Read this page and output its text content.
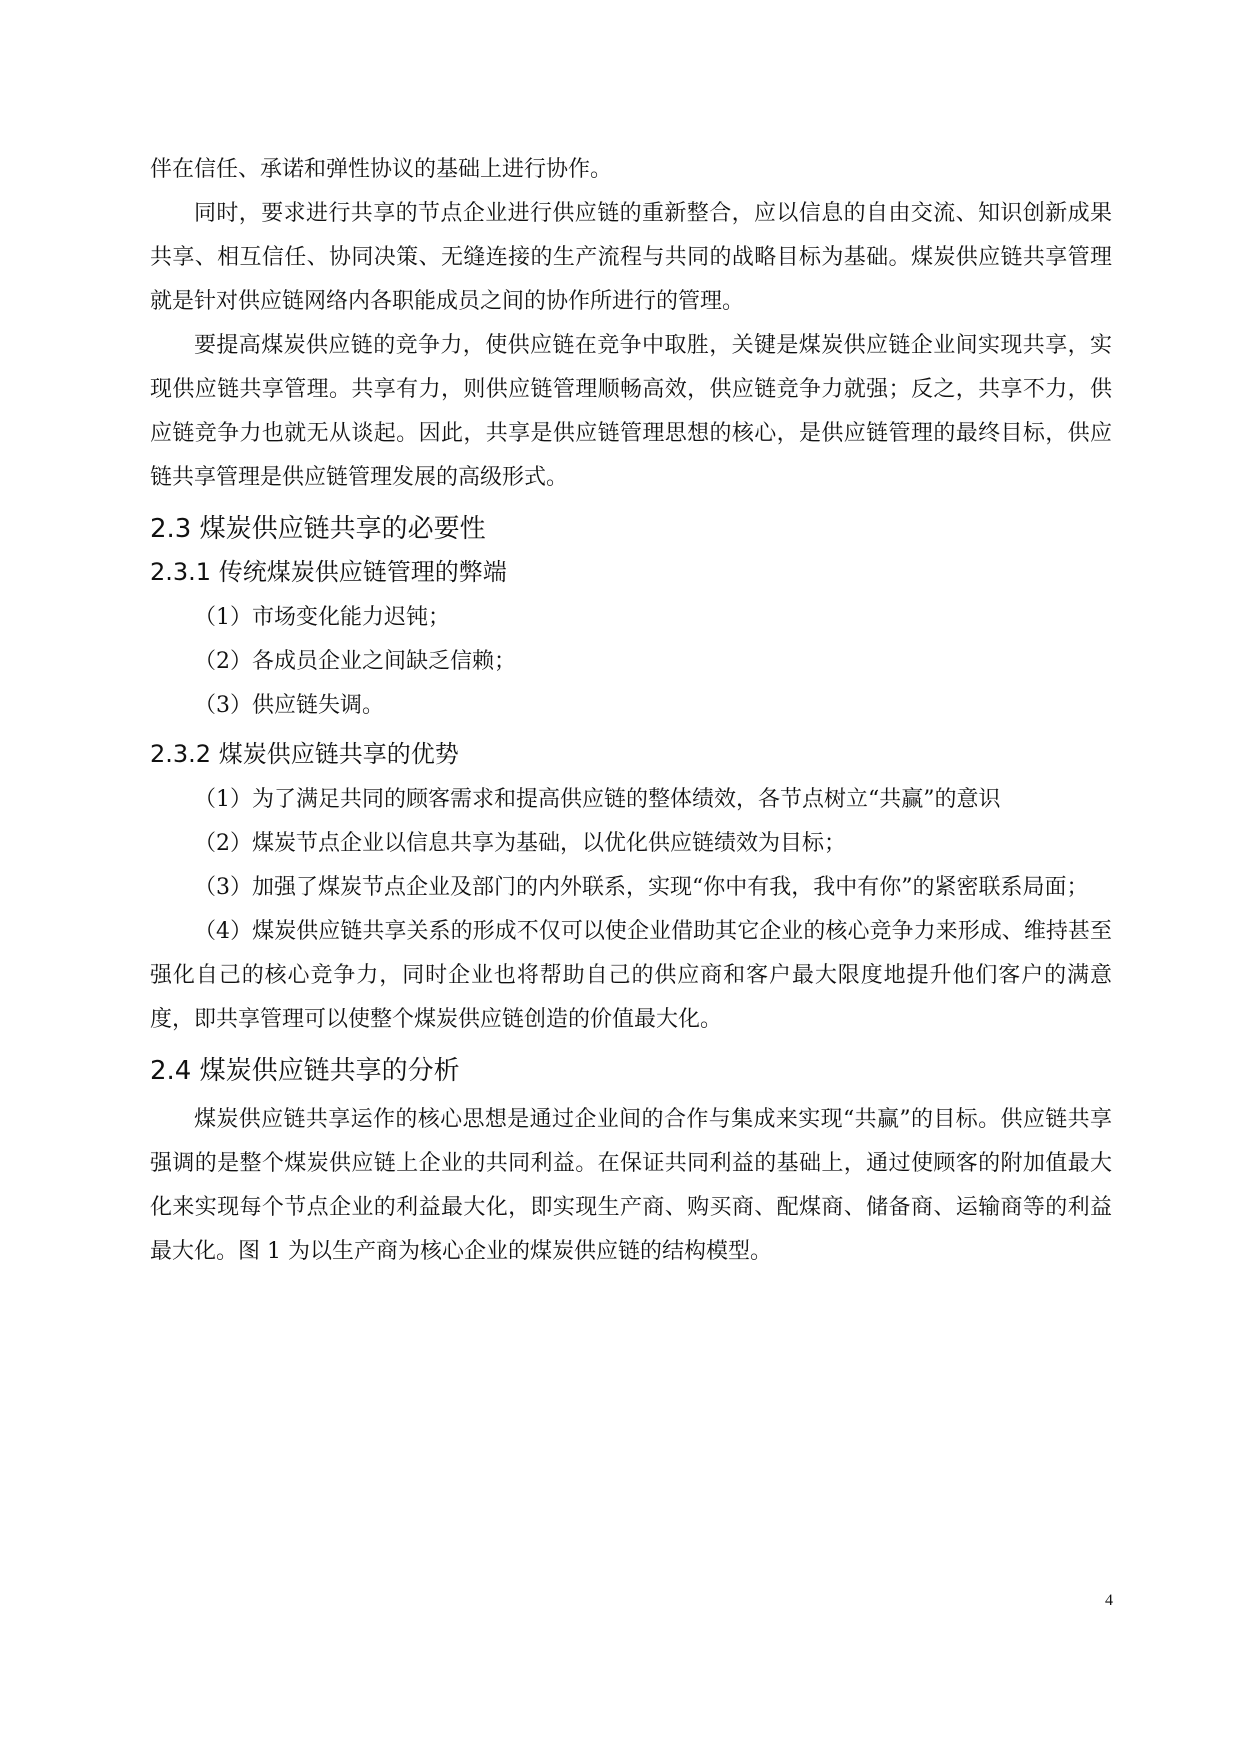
伴在信任、承诺和弹性协议的基础上进行协作。

同时，要求进行共享的节点企业进行供应链的重新整合，应以信息的自由交流、知识创新成果共享、相互信任、协同决策、无缝连接的生产流程与共同的战略目标为基础。煤炭供应链共享管理就是针对供应链网络内各职能成员之间的协作所进行的管理。

要提高煤炭供应链的竞争力，使供应链在竞争中取胜，关键是煤炭供应链企业间实现共享，实现供应链共享管理。共享有力，则供应链管理顺畅高效，供应链竞争力就强；反之，共享不力，供应链竞争力也就无从谈起。因此，共享是供应链管理思想的核心，是供应链管理的最终目标，供应链共享管理是供应链管理发展的高级形式。

2.3 煤炭供应链共享的必要性
2.3.1 传统煤炭供应链管理的弊端

（1）市场变化能力迟钝；

（2）各成员企业之间缺乏信赖；

（3）供应链失调。

2.3.2 煤炭供应链共享的优势

（1）为了满足共同的顾客需求和提高供应链的整体绩效，各节点树立“共赢”的意识

（2）煤炭节点企业以信息共享为基础，以优化供应链绩效为目标；

（3）加强了煤炭节点企业及部门的内外联系，实现“你中有我，我中有你”的紧密联系局面；

（4）煤炭供应链共享关系的形成不仅可以使企业借助其它企业的核心竞争力来形成、维持甚至强化自己的核心竞争力，同时企业也将帮助自己的供应商和客户最大限度地提升他们客户的满意度，即共享管理可以使整个煤炭供应链创造的价值最大化。

2.4 煤炭供应链共享的分析

煤炭供应链共享运作的核心思想是通过企业间的合作与集成来实现“共赢”的目标。供应链共享强调的是整个煤炭供应链上企业的共同利益。在保证共同利益的基础上，通过使顾客的附加值最大化来实现每个节点企业的利益最大化，即实现生产商、购买商、配煤商、储备商、运输商等的利益最大化。图 1 为以生产商为核心企业的煤炭供应链的结构模型。

4
